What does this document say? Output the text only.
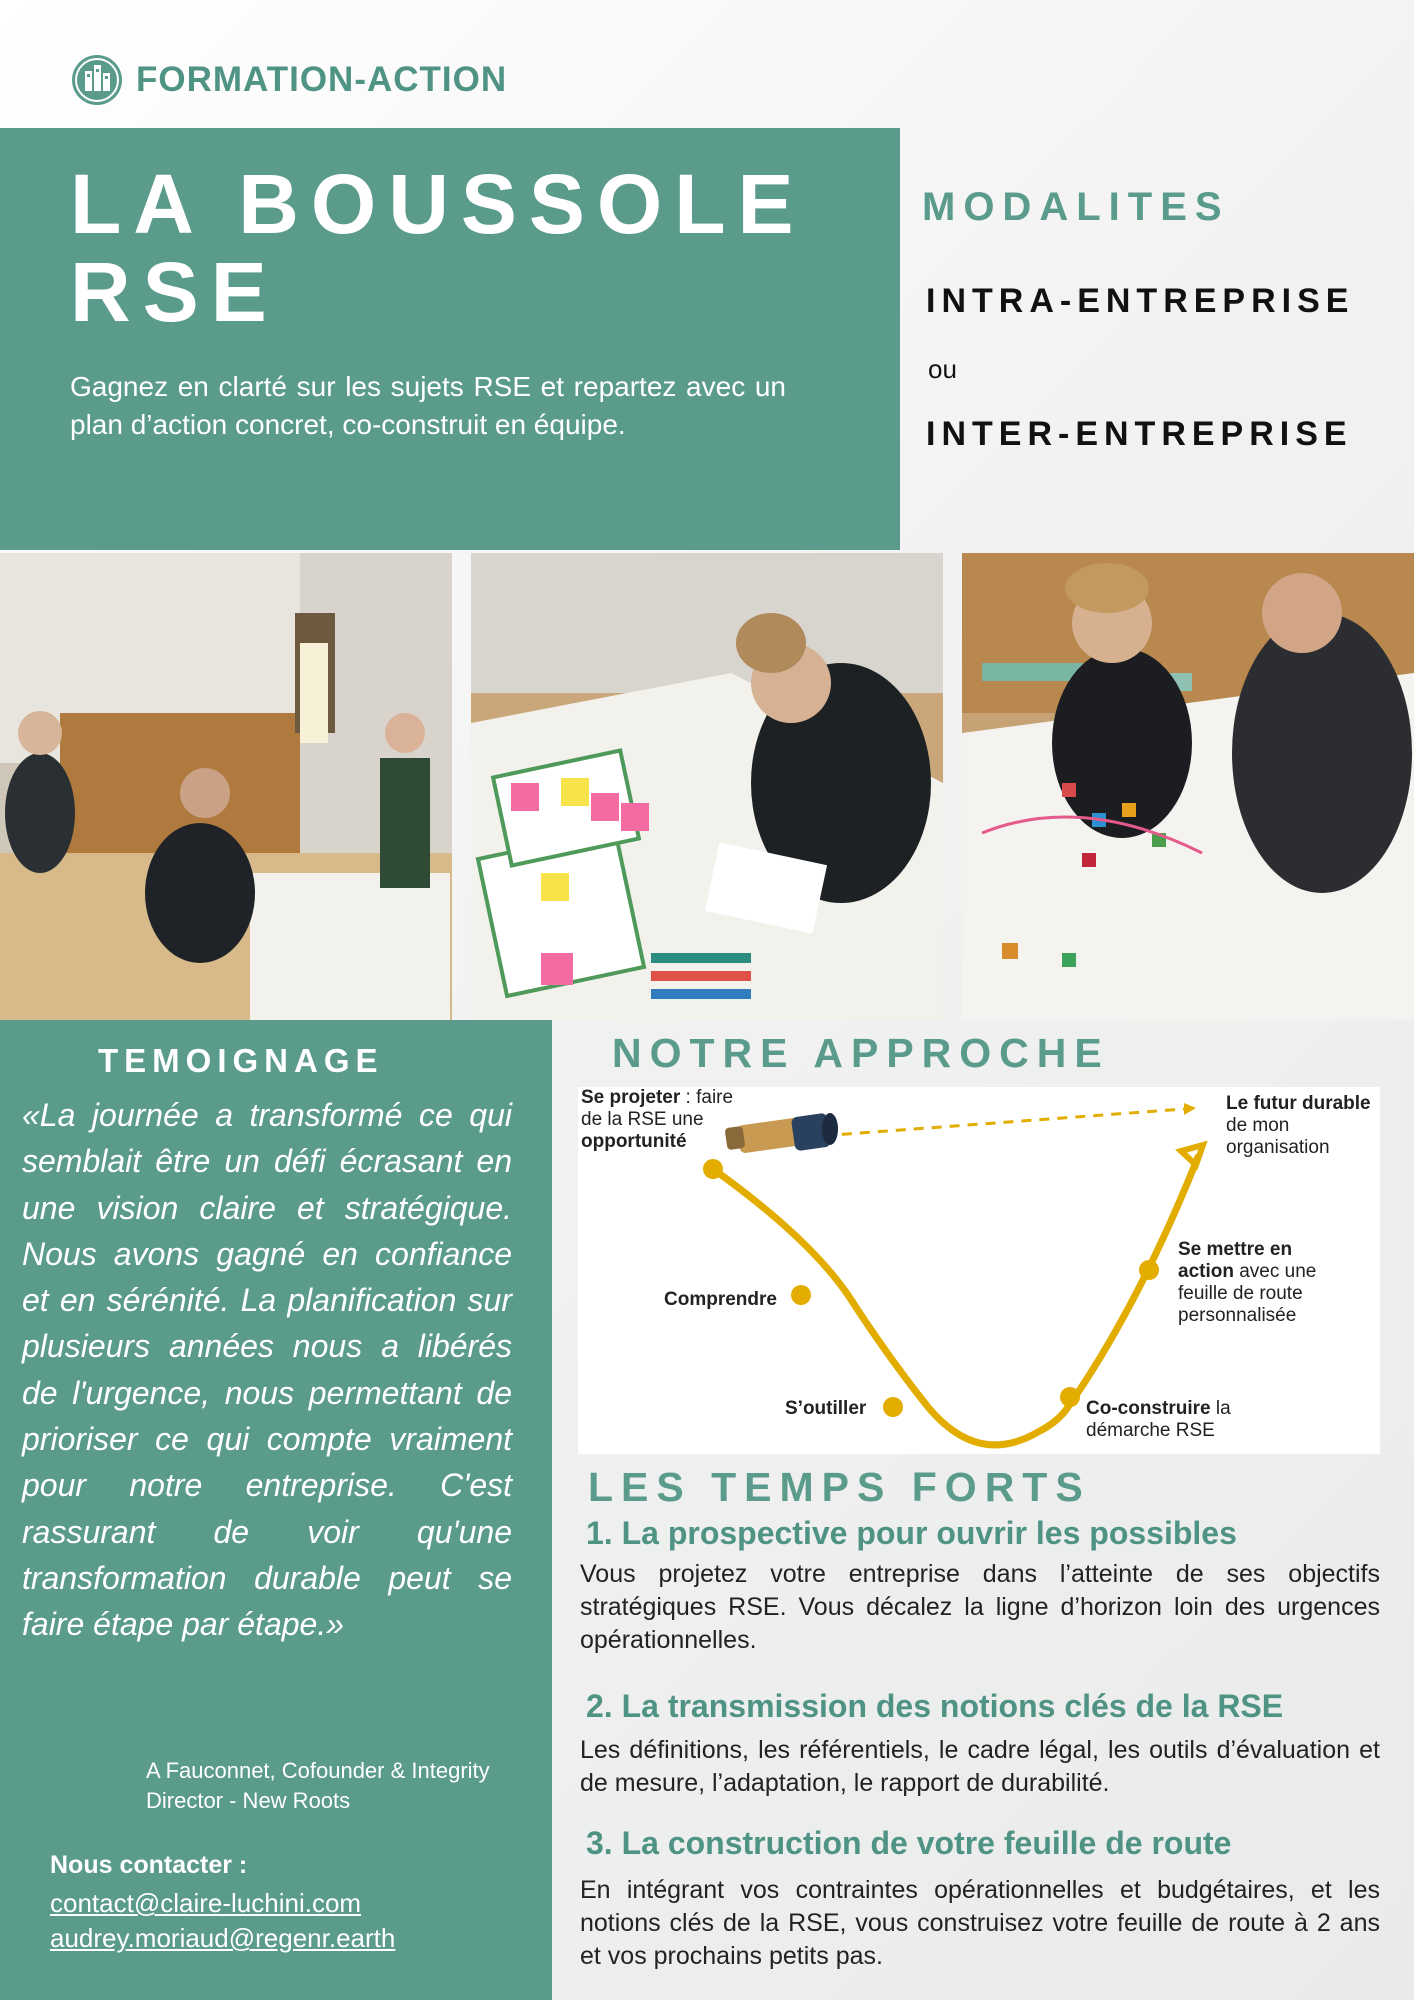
FORMATION-ACTION
LA BOUSSOLE RSE
Gagnez en clarté sur les sujets RSE et repartez avec un plan d’action concret, co-construit en équipe.
MODALITES
INTRA-ENTREPRISE
ou
INTER-ENTREPRISE
TEMOIGNAGE
«La journée a transformé ce qui semblait être un défi écrasant en une vision claire et stratégique. Nous avons gagné en confiance et en sérénité. La planification sur plusieurs années nous a libérés de l'urgence, nous permettant de prioriser ce qui compte vraiment pour notre entreprise. C'est rassurant de voir qu'une transformation durable peut se faire étape par étape.»
A Fauconnet, Cofounder & Integrity
Director - New Roots
Nous contacter :
contact@claire-luchini.com
audrey.moriaud@regenr.earth
NOTRE APPROCHE
Se projeter : faire
de la RSE une
opportunité
Le futur durable
de mon
organisation
Comprendre
S’outiller	Co-construire la
démarche RSE
Se mettre en
action avec une
feuille de route
personnalisée
LES TEMPS FORTS
1. La prospective pour ouvrir les possibles
Vous projetez votre entreprise dans l’atteinte de ses objectifs stratégiques RSE. Vous décalez la ligne d’horizon loin des urgences opérationnelles.
2. La transmission des notions clés de la RSE
Les définitions, les référentiels, le cadre légal, les outils d’évaluation et de mesure, l’adaptation, le rapport de durabilité.
3. La construction de votre feuille de route
En intégrant vos contraintes opérationnelles et budgétaires, et les notions clés de la RSE, vous construisez votre feuille de route à 2 ans et vos prochains petits pas.
